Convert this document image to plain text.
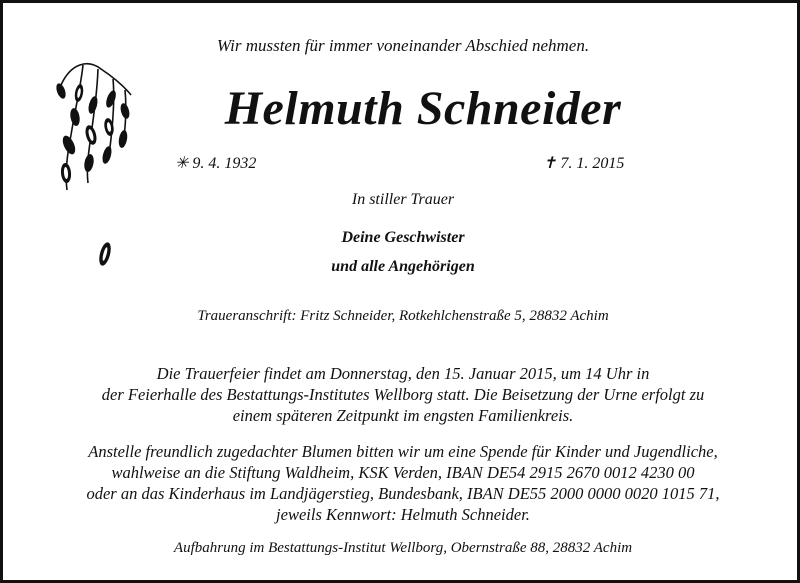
Wir mussten für immer voneinander Abschied nehmen.
Helmuth Schneider
✳ 9. 4. 1932	✝ 7. 1. 2015
In stiller Trauer
Deine Geschwister
und alle Angehörigen
Traueranschrift: Fritz Schneider, Rotkehlchenstraße 5, 28832 Achim
Die Trauerfeier findet am Donnerstag, den 15. Januar 2015, um 14 Uhr in
der Feierhalle des Bestattungs-Institutes Wellborg statt. Die Beisetzung der Urne erfolgt zu
einem späteren Zeitpunkt im engsten Familienkreis.
Anstelle freundlich zugedachter Blumen bitten wir um eine Spende für Kinder und Jugendliche,
wahlweise an die Stiftung Waldheim, KSK Verden, IBAN DE54 2915 2670 0012 4230 00
oder an das Kinderhaus im Landjägerstieg, Bundesbank, IBAN DE55 2000 0000 0020 1015 71,
jeweils Kennwort: Helmuth Schneider.
Aufbahrung im Bestattungs-Institut Wellborg, Obernstraße 88, 28832 Achim
